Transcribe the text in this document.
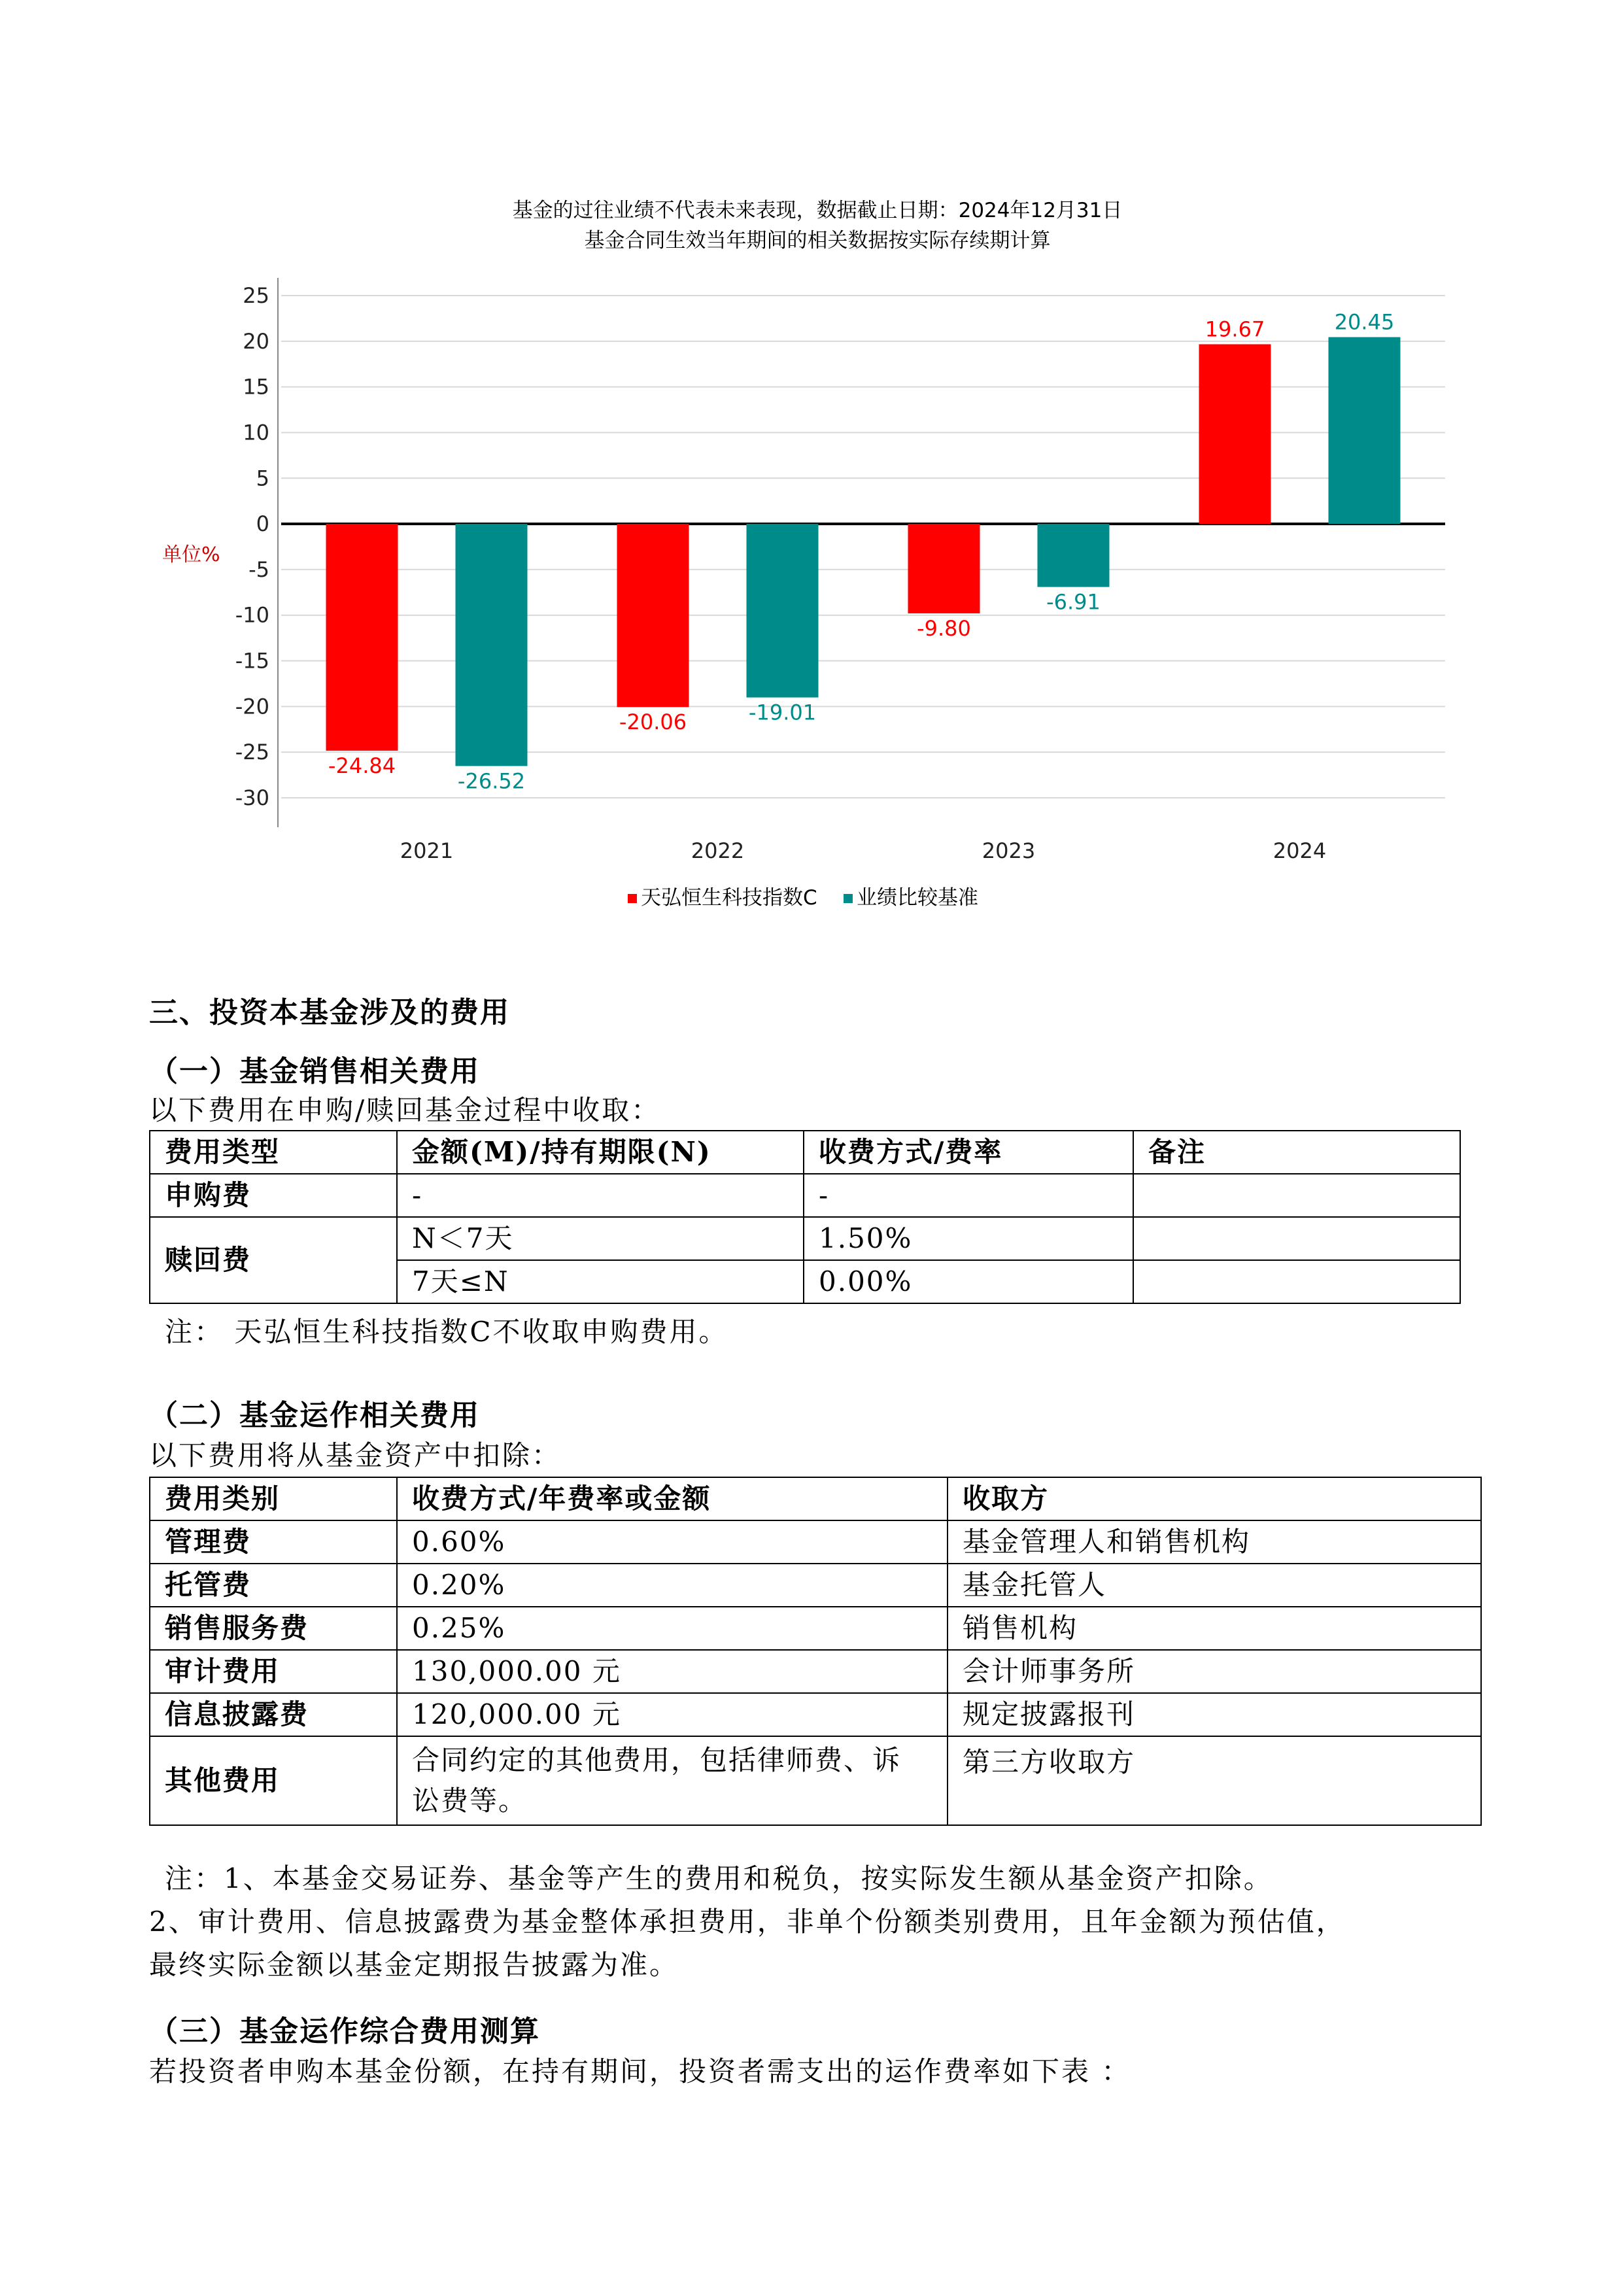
基金的过往业绩不代表未来表现，数据截止日期：2024年12月31日
基金合同生效当年期间的相关数据按实际存续期计算
单位%
25
20
15
10
5
0
-5
-10
-15
-20
-25
-30
-24.84
-26.52
-20.06	-19.01
-9.80
-6.91
19.67	20.45
2021	2022	2023	2024
天弘恒生科技指数C 业绩比较基准
三、投资本基金涉及的费用
（一）基金销售相关费用
以下费用在申购/赎回基金过程中收取：
费用类型	金额(M)/持有期限(N)	收费方式/费率	备注
申购费	-	-	
赎回费	N＜7天	1.50%	
	7天≤N	0.00%	
注： 天弘恒生科技指数C不收取申购费用。
（二）基金运作相关费用
以下费用将从基金资产中扣除：
费用类别	收费方式/年费率或金额	收取方
管理费	0.60%	基金管理人和销售机构
托管费	0.20%	基金托管人
销售服务费	0.25%	销售机构
审计费用	130,000.00 元	会计师事务所
信息披露费	120,000.00 元	规定披露报刊
其他费用	合同约定的其他费用，包括律师费、诉讼费等。	第三方收取方
注：1、本基金交易证券、基金等产生的费用和税负，按实际发生额从基金资产扣除。
2、审计费用、信息披露费为基金整体承担费用，非单个份额类别费用，且年金额为预估值，
最终实际金额以基金定期报告披露为准。
（三）基金运作综合费用测算
若投资者申购本基金份额，在持有期间，投资者需支出的运作费率如下表 ：
